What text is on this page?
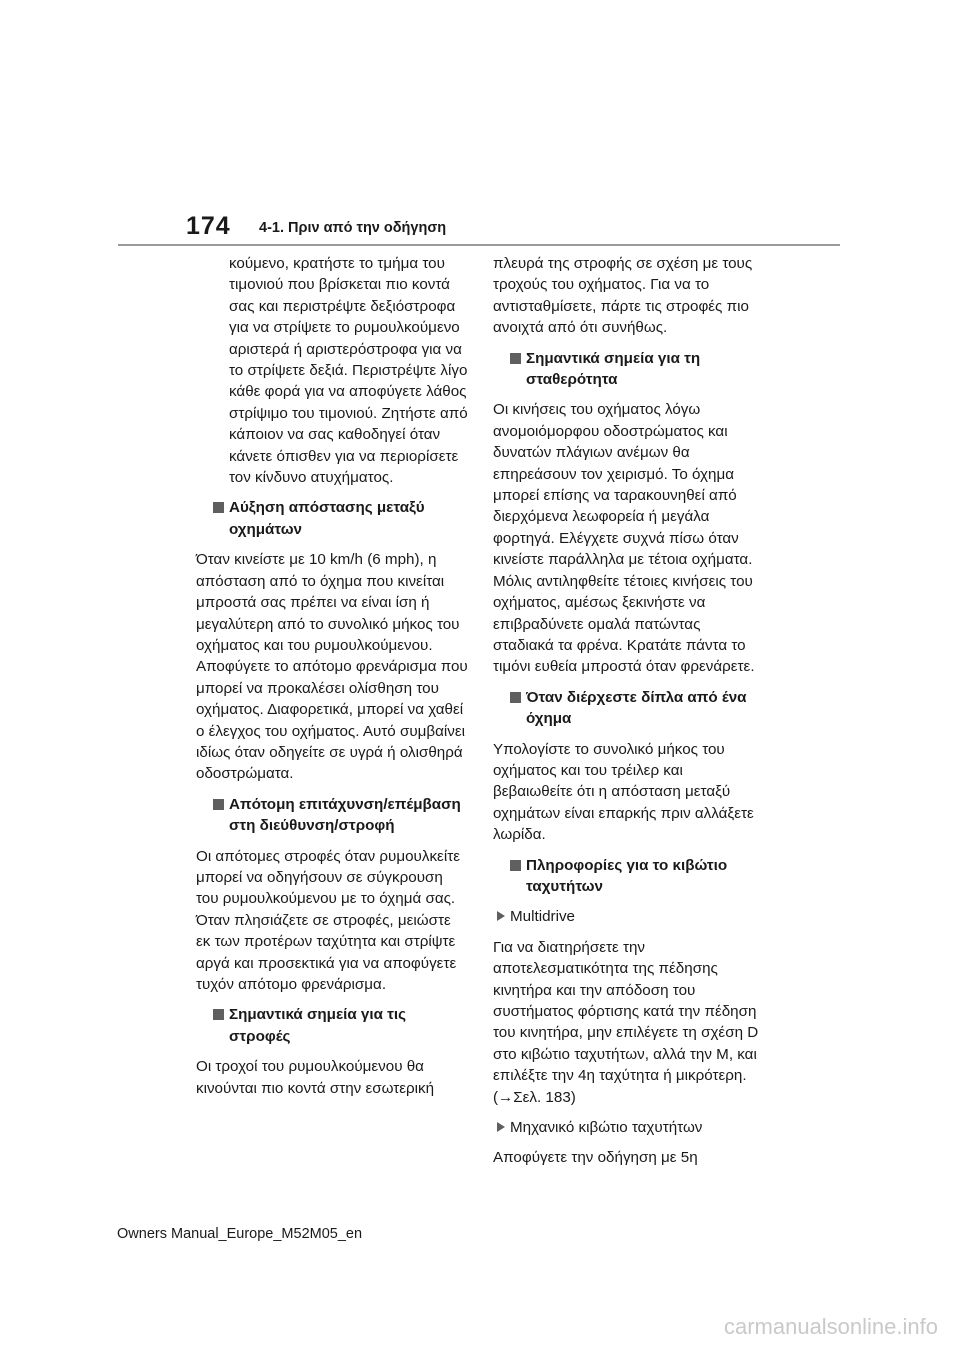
174 4-1. Πριν από την οδήγηση

κούμενο, κρατήστε το τμήμα του τιμονιού που βρίσκεται πιο κοντά σας και περιστρέψτε δεξιόστροφα για να στρίψετε το ρυμουλκούμενο αριστερά ή αριστερόστροφα για να το στρίψετε δεξιά. Περιστρέψτε λίγο κάθε φορά για να αποφύγετε λάθος στρίψιμο του τιμονιού. Ζητήστε από κάποιον να σας καθοδηγεί όταν κάνετε όπισθεν για να περιορίσετε τον κίνδυνο ατυχήματος.

Αύξηση απόστασης μεταξύ οχημάτων

Όταν κινείστε με 10 km/h (6 mph), η απόσταση από το όχημα που κινείται μπροστά σας πρέπει να είναι ίση ή μεγαλύτερη από το συνολικό μήκος του οχήματος και του ρυμουλκούμενου. Αποφύγετε το απότομο φρενάρισμα που μπορεί να προκαλέσει ολίσθηση του οχήματος. Διαφορετικά, μπορεί να χαθεί ο έλεγχος του οχήματος. Αυτό συμβαίνει ιδίως όταν οδηγείτε σε υγρά ή ολισθηρά οδοστρώματα.

Απότομη επιτάχυνση/επέμβαση στη διεύθυνση/στροφή

Οι απότομες στροφές όταν ρυμουλκείτε μπορεί να οδηγήσουν σε σύγκρουση του ρυμουλκούμενου με το όχημά σας. Όταν πλησιάζετε σε στροφές, μειώστε εκ των προτέρων ταχύτητα και στρίψτε αργά και προσεκτικά για να αποφύγετε τυχόν απότομο φρενάρισμα.

Σημαντικά σημεία για τις στροφές

Οι τροχοί του ρυμουλκούμενου θα κινούνται πιο κοντά στην εσωτερική

πλευρά της στροφής σε σχέση με τους τροχούς του οχήματος. Για να το αντισταθμίσετε, πάρτε τις στροφές πιο ανοιχτά από ότι συνήθως.

Σημαντικά σημεία για τη σταθερότητα

Οι κινήσεις του οχήματος λόγω ανομοιόμορφου οδοστρώματος και δυνατών πλάγιων ανέμων θα επηρεάσουν τον χειρισμό. Το όχημα μπορεί επίσης να ταρακουνηθεί από διερχόμενα λεωφορεία ή μεγάλα φορτηγά. Ελέγχετε συχνά πίσω όταν κινείστε παράλληλα με τέτοια οχήματα. Μόλις αντιληφθείτε τέτοιες κινήσεις του οχήματος, αμέσως ξεκινήστε να επιβραδύνετε ομαλά πατώντας σταδιακά τα φρένα. Κρατάτε πάντα το τιμόνι ευθεία μπροστά όταν φρενάρετε.

Όταν διέρχεστε δίπλα από ένα όχημα

Υπολογίστε το συνολικό μήκος του οχήματος και του τρέιλερ και βεβαιωθείτε ότι η απόσταση μεταξύ οχημάτων είναι επαρκής πριν αλλάξετε λωρίδα.

Πληροφορίες για το κιβώτιο ταχυτήτων
Multidrive

Για να διατηρήσετε την αποτελεσματικότητα της πέδησης κινητήρα και την απόδοση του συστήματος φόρτισης κατά την πέδηση του κινητήρα, μην επιλέγετε τη σχέση D στο κιβώτιο ταχυτήτων, αλλά την M, και επιλέξτε την 4η ταχύτητα ή μικρότερη. (→Σελ. 183)

Μηχανικό κιβώτιο ταχυτήτων

Αποφύγετε την οδήγηση με 5η

Owners Manual_Europe_M52M05_en
carmanualsonline.info
